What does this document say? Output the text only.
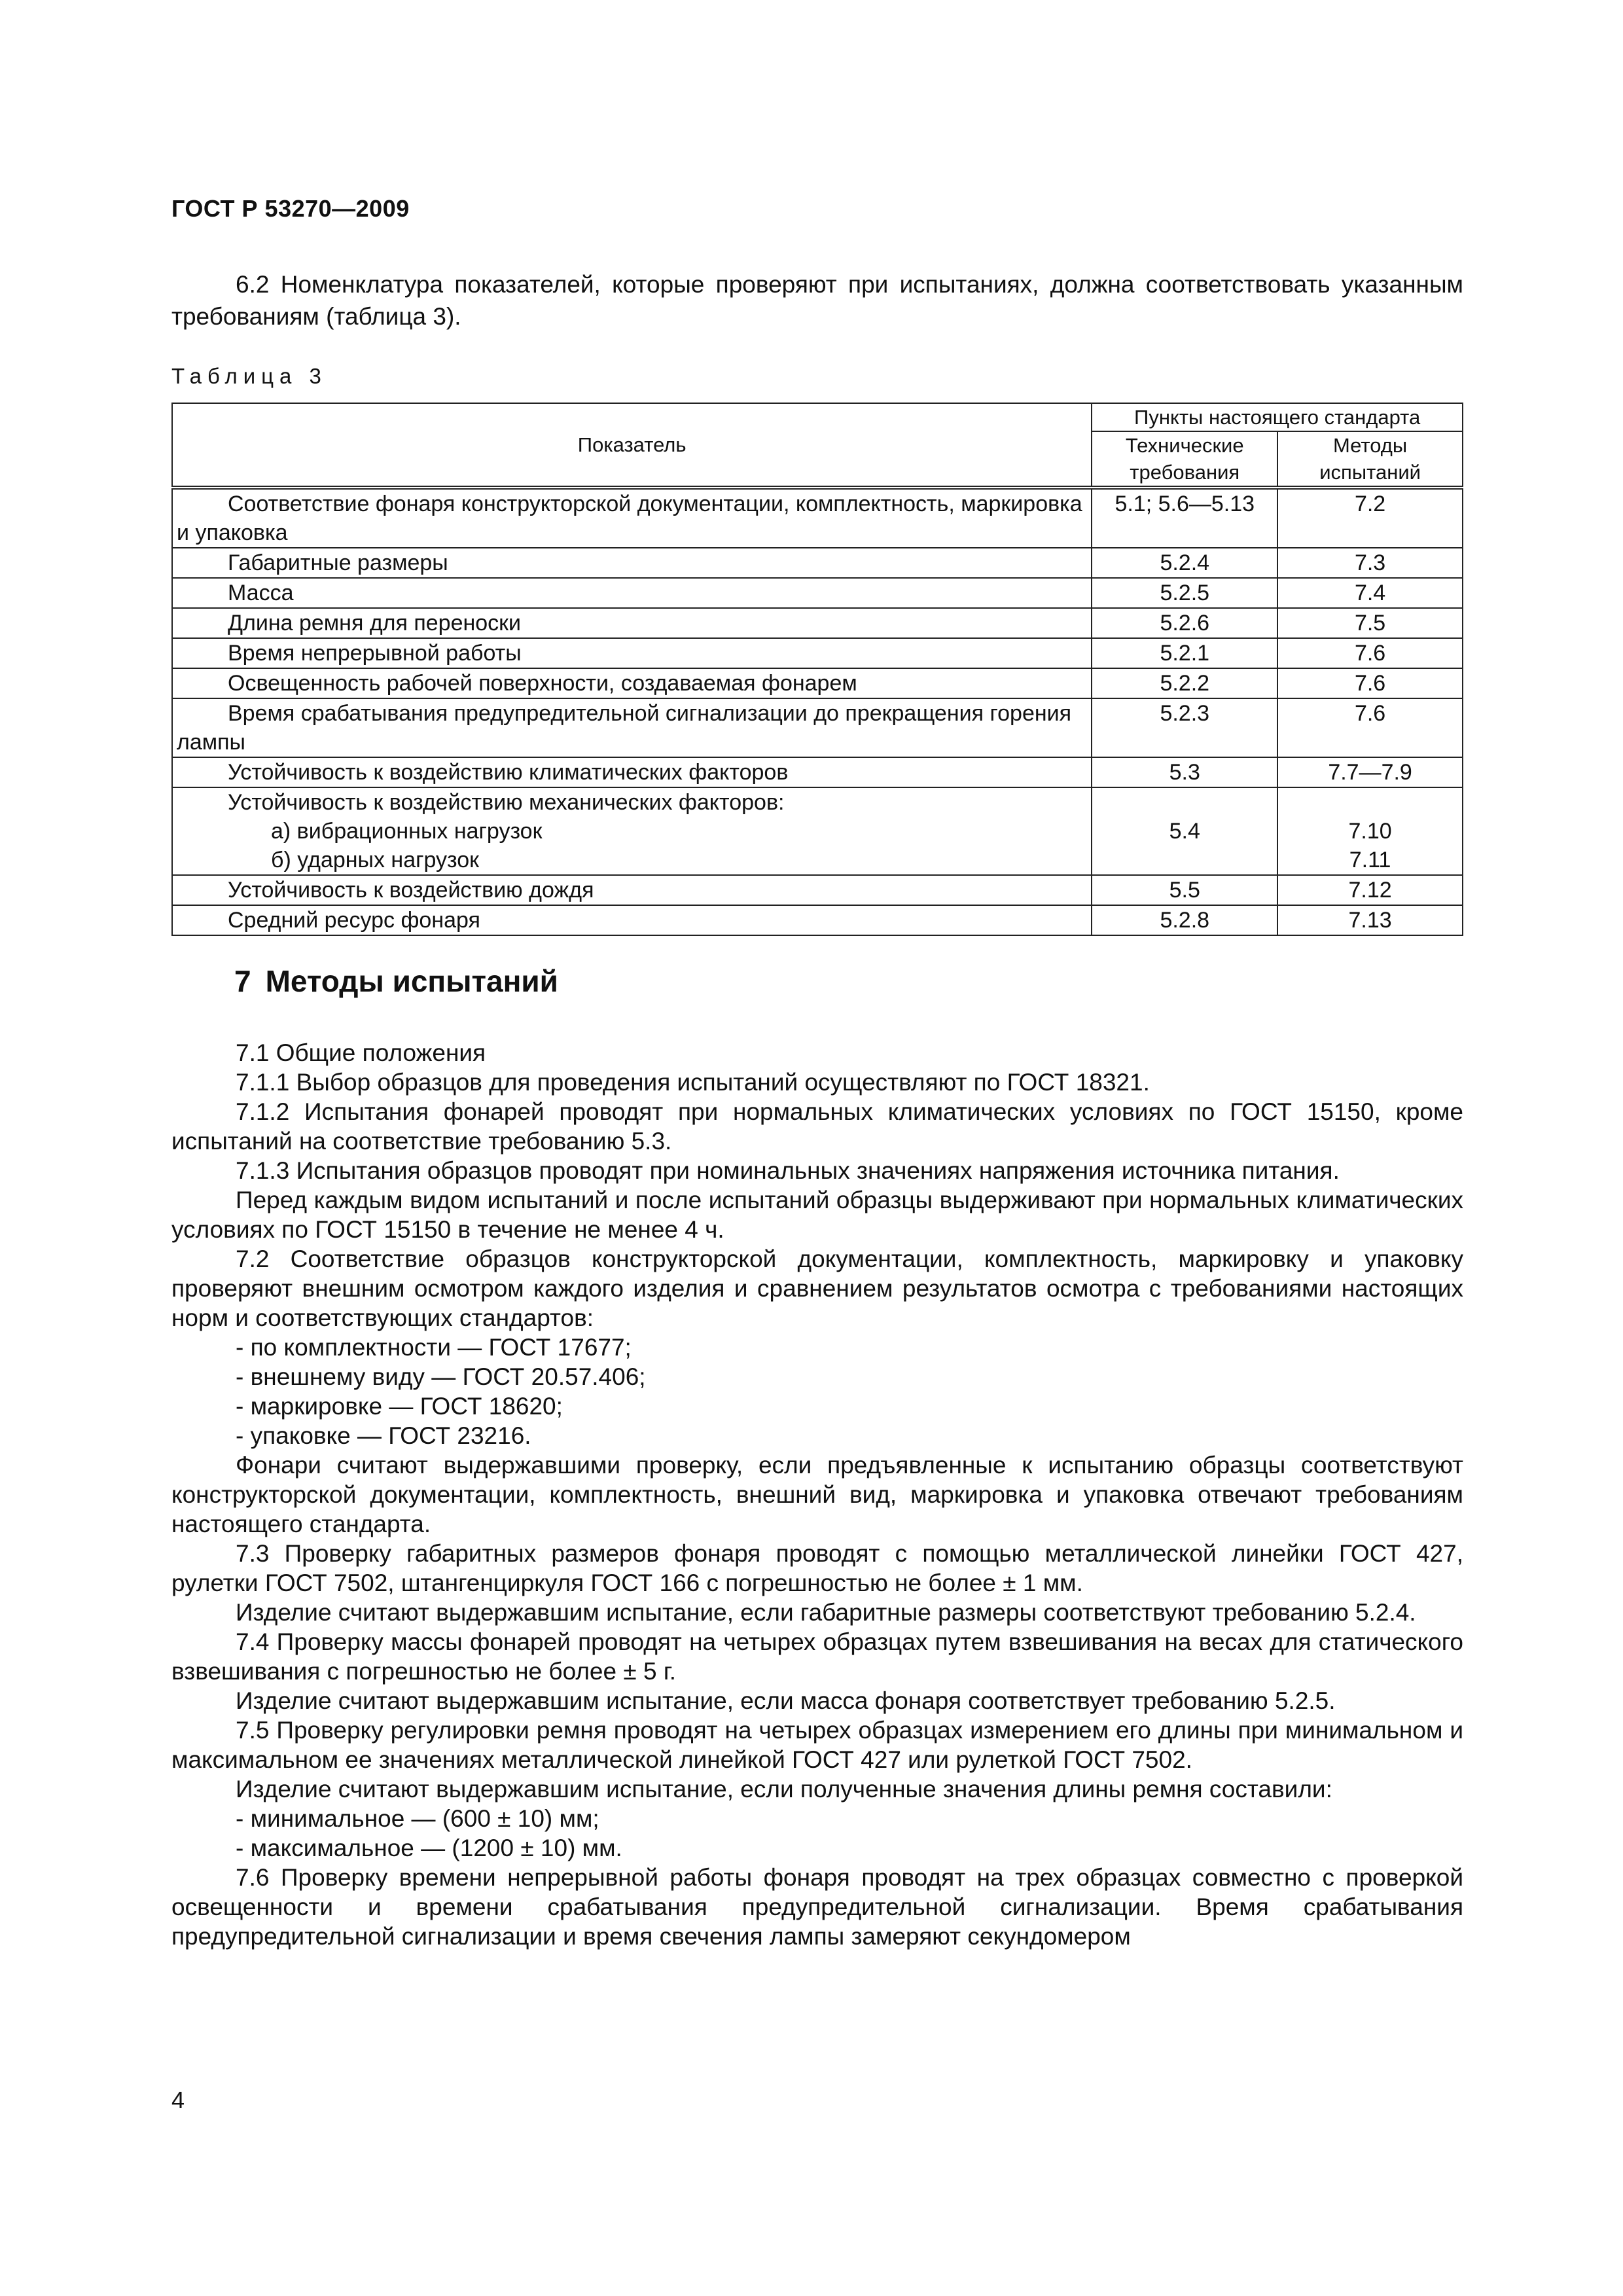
ГОСТ Р 53270—2009
6.2 Номенклатура показателей, которые проверяют при испытаниях, должна соответствовать указанным требованиям (таблица 3).
Таблица 3
Показатель	Пункты настоящего стандарта	
	Технические требования	Методы испытаний
Соответствие фонаря конструкторской документации, комплектность, маркировка и упаковка	5.1; 5.6—5.13	7.2
Габаритные размеры	5.2.4	7.3
Масса	5.2.5	7.4
Длина ремня для переноски	5.2.6	7.5
Время непрерывной работы	5.2.1	7.6
Освещенность рабочей поверхности, создаваемая фонарем	5.2.2	7.6
Время срабатывания предупредительной сигнализации до прекращения горения лампы	5.2.3	7.6
Устойчивость к воздействию климатических факторов	5.3	7.7—7.9
Устойчивость к воздействию механических факторов:		
а) вибрационных нагрузок	5.4	7.10
б) ударных нагрузок		7.11
Устойчивость к воздействию дождя	5.5	7.12
Средний ресурс фонаря	5.2.8	7.13
7 Методы испытаний

7.1 Общие положения

7.1.1 Выбор образцов для проведения испытаний осуществляют по ГОСТ 18321.

7.1.2 Испытания фонарей проводят при нормальных климатических условиях по ГОСТ 15150, кроме испытаний на соответствие требованию 5.3.

7.1.3 Испытания образцов проводят при номинальных значениях напряжения источника питания.

Перед каждым видом испытаний и после испытаний образцы выдерживают при нормальных климатических условиях по ГОСТ 15150 в течение не менее 4 ч.

7.2 Соответствие образцов конструкторской документации, комплектность, маркировку и упаковку проверяют внешним осмотром каждого изделия и сравнением результатов осмотра с требованиями настоящих норм и соответствующих стандартов:

- по комплектности — ГОСТ 17677;

- внешнему виду — ГОСТ 20.57.406;

- маркировке — ГОСТ 18620;

- упаковке — ГОСТ 23216.

Фонари считают выдержавшими проверку, если предъявленные к испытанию образцы соответствуют конструкторской документации, комплектность, внешний вид, маркировка и упаковка отвечают требованиям настоящего стандарта.

7.3 Проверку габаритных размеров фонаря проводят с помощью металлической линейки ГОСТ 427, рулетки ГОСТ 7502, штангенциркуля ГОСТ 166 с погрешностью не более ± 1 мм.

Изделие считают выдержавшим испытание, если габаритные размеры соответствуют требованию 5.2.4.

7.4 Проверку массы фонарей проводят на четырех образцах путем взвешивания на весах для статического взвешивания с погрешностью не более ± 5 г.

Изделие считают выдержавшим испытание, если масса фонаря соответствует требованию 5.2.5.

7.5 Проверку регулировки ремня проводят на четырех образцах измерением его длины при минимальном и максимальном ее значениях металлической линейкой ГОСТ 427 или рулеткой ГОСТ 7502.

Изделие считают выдержавшим испытание, если полученные значения длины ремня составили:

- минимальное — (600 ± 10) мм;

- максимальное — (1200 ± 10) мм.

7.6 Проверку времени непрерывной работы фонаря проводят на трех образцах совместно с проверкой освещенности и времени срабатывания предупредительной сигнализации. Время срабатывания предупредительной сигнализации и время свечения лампы замеряют секундомером

4
